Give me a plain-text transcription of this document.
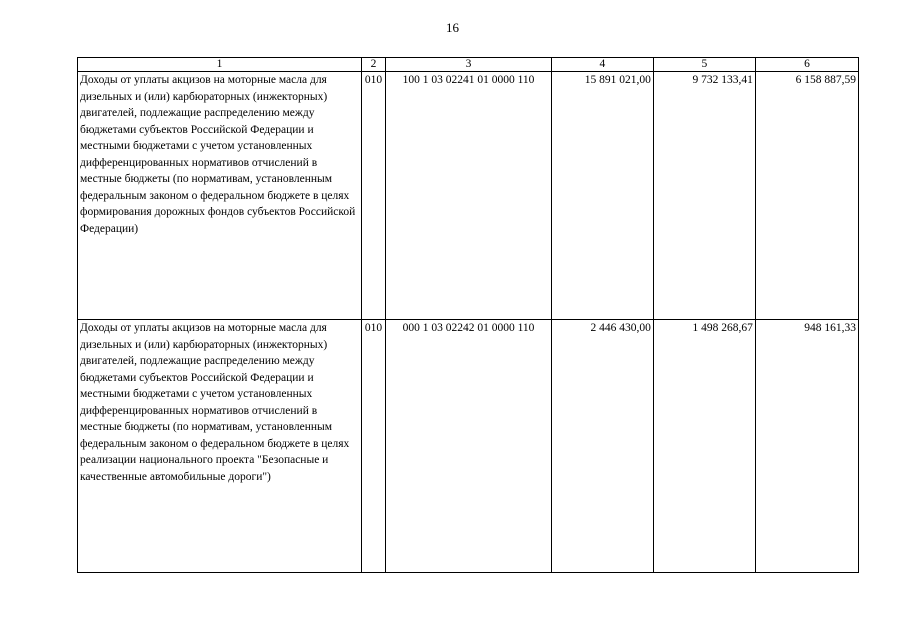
16
1	2	3	4	5	6
Доходы от уплаты акцизов на моторные масла для дизельных и (или) карбюраторных (инжекторных) двигателей, подлежащие распределению между бюджетами субъектов Российской Федерации и местными бюджетами с учетом установленных дифференцированных нормативов отчислений в местные бюджеты (по нормативам, установленным федеральным законом о федеральном бюджете в целях формирования дорожных фондов субъектов Российской Федерации)	010	100 1 03 02241 01 0000 110	15 891 021,00	9 732 133,41	6 158 887,59
Доходы от уплаты акцизов на моторные масла для дизельных и (или) карбюраторных (инжекторных) двигателей, подлежащие распределению между бюджетами субъектов Российской Федерации и местными бюджетами с учетом установленных дифференцированных нормативов отчислений в местные бюджеты (по нормативам, установленным федеральным законом о федеральном бюджете в целях реализации национального проекта "Безопасные и качественные автомобильные дороги")	010	000 1 03 02242 01 0000 110	2 446 430,00	1 498 268,67	948 161,33
